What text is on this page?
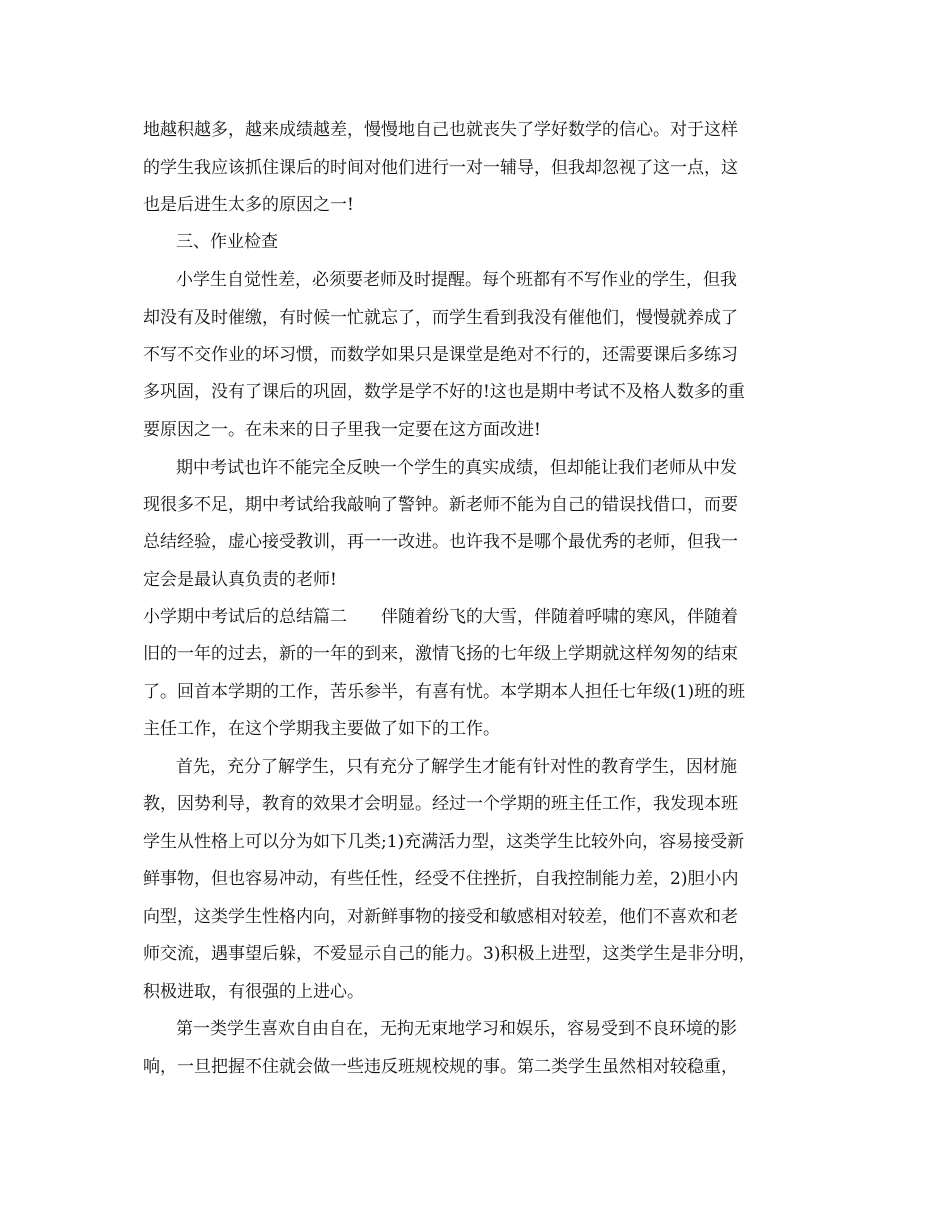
地越积越多，越来成绩越差，慢慢地自己也就丧失了学好数学的信心。对于这样
的学生我应该抓住课后的时间对他们进行一对一辅导，但我却忽视了这一点，这
也是后进生太多的原因之一!
三、作业检查
小学生自觉性差，必须要老师及时提醒。每个班都有不写作业的学生，但我
却没有及时催缴，有时候一忙就忘了，而学生看到我没有催他们，慢慢就养成了
不写不交作业的坏习惯，而数学如果只是课堂是绝对不行的，还需要课后多练习
多巩固，没有了课后的巩固，数学是学不好的!这也是期中考试不及格人数多的重
要原因之一。在未来的日子里我一定要在这方面改进!
期中考试也许不能完全反映一个学生的真实成绩，但却能让我们老师从中发
现很多不足，期中考试给我敲响了警钟。新老师不能为自己的错误找借口，而要
总结经验，虚心接受教训，再一一改进。也许我不是哪个最优秀的老师，但我一
定会是最认真负责的老师!
小学期中考试后的总结篇二　　伴随着纷飞的大雪，伴随着呼啸的寒风，伴随着
旧的一年的过去，新的一年的到来，激情飞扬的七年级上学期就这样匆匆的结束
了。回首本学期的工作，苦乐参半，有喜有忧。本学期本人担任七年级(1)班的班
主任工作，在这个学期我主要做了如下的工作。
首先，充分了解学生，只有充分了解学生才能有针对性的教育学生，因材施
教，因势利导，教育的效果才会明显。经过一个学期的班主任工作，我发现本班
学生从性格上可以分为如下几类;1)充满活力型，这类学生比较外向，容易接受新
鲜事物，但也容易冲动，有些任性，经受不住挫折，自我控制能力差，2)胆小内
向型，这类学生性格内向，对新鲜事物的接受和敏感相对较差，他们不喜欢和老
师交流，遇事望后躲，不爱显示自己的能力。3)积极上进型，这类学生是非分明，
积极进取，有很强的上进心。
第一类学生喜欢自由自在，无拘无束地学习和娱乐，容易受到不良环境的影
响，一旦把握不住就会做一些违反班规校规的事。第二类学生虽然相对较稳重，
